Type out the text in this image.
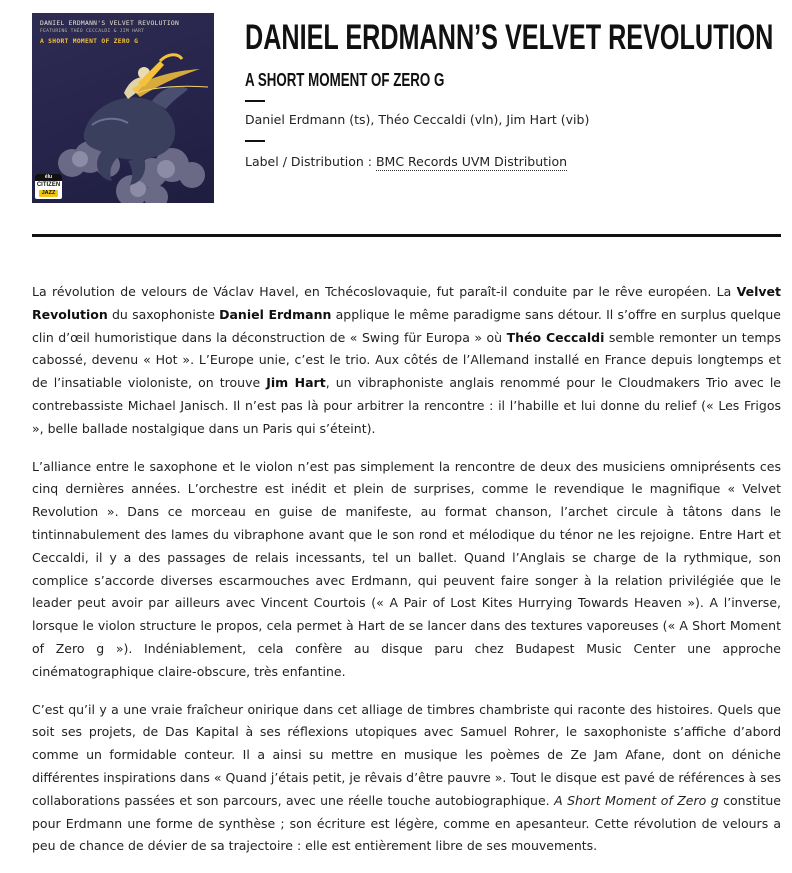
DANIEL ERDMANN'S VELVET REVOLUTION

FEATURING THÉO CECCALDI & JIM HART

A SHORT MOMENT OF ZERO G

élu
CITIZEN
JAZZ
DANIEL ERDMANN’S VELVET REVOLUTION
A SHORT MOMENT OF ZERO G

Daniel Erdmann (ts), Théo Ceccaldi (vln), Jim Hart (vib)

Label / Distribution : BMC Records UVM Distribution

La révolution de velours de Václav Havel, en Tchécoslovaquie, fut paraît-il conduite par le rêve européen. La Velvet Revolution du saxophoniste Daniel Erdmann applique le même paradigme sans détour. Il s’offre en surplus quelque clin d’œil humoristique dans la déconstruction de « Swing für Europa » où Théo Ceccaldi semble remonter un temps cabossé, devenu « Hot ». L’Europe unie, c’est le trio. Aux côtés de l’Allemand installé en France depuis longtemps et de l’insatiable violoniste, on trouve Jim Hart, un vibraphoniste anglais renommé pour le Cloudmakers Trio avec le contrebassiste Michael Janisch. Il n’est pas là pour arbitrer la rencontre : il l’habille et lui donne du relief (« Les Frigos », belle ballade nostalgique dans un Paris qui s’éteint).

L’alliance entre le saxophone et le violon n’est pas simplement la rencontre de deux des musiciens omniprésents ces cinq dernières années. L’orchestre est inédit et plein de surprises, comme le revendique le magnifique « Velvet Revolution ». Dans ce morceau en guise de manifeste, au format chanson, l’archet circule à tâtons dans le tintinnabulement des lames du vibraphone avant que le son rond et mélodique du ténor ne les rejoigne. Entre Hart et Ceccaldi, il y a des passages de relais incessants, tel un ballet. Quand l’Anglais se charge de la rythmique, son complice s’accorde diverses escarmouches avec Erdmann, qui peuvent faire songer à la relation privilégiée que le leader peut avoir par ailleurs avec Vincent Courtois (« A Pair of Lost Kites Hurrying Towards Heaven »). A l’inverse, lorsque le violon structure le propos, cela permet à Hart de se lancer dans des textures vaporeuses (« A Short Moment of Zero g »). Indéniablement, cela confère au disque paru chez Budapest Music Center une approche cinématographique claire-obscure, très enfantine.

C’est qu’il y a une vraie fraîcheur onirique dans cet alliage de timbres chambriste qui raconte des histoires. Quels que soit ses projets, de Das Kapital à ses réflexions utopiques avec Samuel Rohrer, le saxophoniste s’affiche d’abord comme un formidable conteur. Il a ainsi su mettre en musique les poèmes de Ze Jam Afane, dont on déniche différentes inspirations dans « Quand j’étais petit, je rêvais d’être pauvre ». Tout le disque est pavé de références à ses collaborations passées et son parcours, avec une réelle touche autobiographique. A Short Moment of Zero g constitue pour Erdmann une forme de synthèse ; son écriture est légère, comme en apesanteur. Cette révolution de velours a peu de chance de dévier de sa trajectoire : elle est entièrement libre de ses mouvements.
